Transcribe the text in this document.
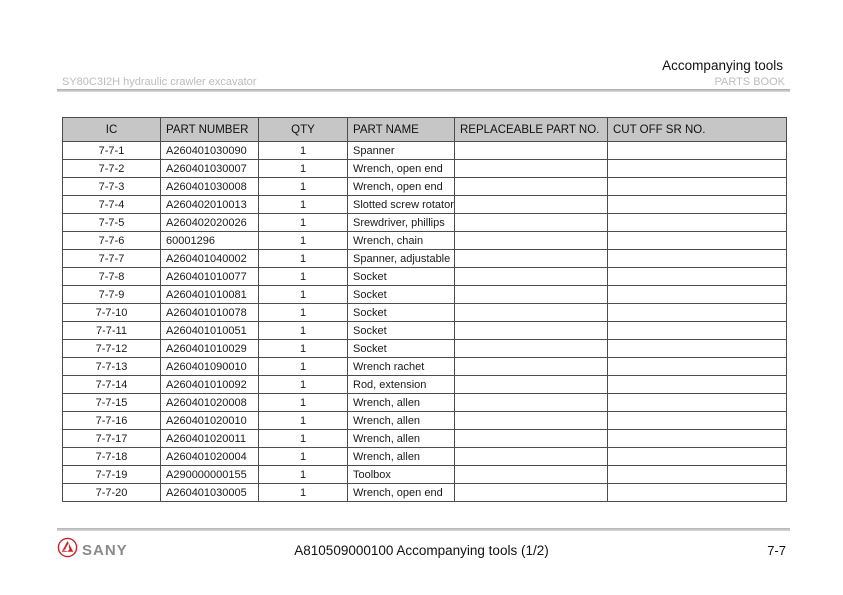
Accompanying tools
SY80C3I2H hydraulic crawler excavator	PARTS BOOK
IC	PART NUMBER	QTY	PART NAME	REPLACEABLE PART NO.	CUT OFF SR NO.
7-7-1	A260401030090	1	Spanner		
7-7-2	A260401030007	1	Wrench, open end		
7-7-3	A260401030008	1	Wrench, open end		
7-7-4	A260402010013	1	Slotted screw rotator		
7-7-5	A260402020026	1	Srewdriver, phillips		
7-7-6	60001296	1	Wrench, chain		
7-7-7	A260401040002	1	Spanner, adjustable		
7-7-8	A260401010077	1	Socket		
7-7-9	A260401010081	1	Socket		
7-7-10	A260401010078	1	Socket		
7-7-11	A260401010051	1	Socket		
7-7-12	A260401010029	1	Socket		
7-7-13	A260401090010	1	Wrench rachet		
7-7-14	A260401010092	1	Rod, extension		
7-7-15	A260401020008	1	Wrench, allen		
7-7-16	A260401020010	1	Wrench, allen		
7-7-17	A260401020011	1	Wrench, allen		
7-7-18	A260401020004	1	Wrench, allen		
7-7-19	A290000000155	1	Toolbox		
7-7-20	A260401030005	1	Wrench, open end		
SANY	A810509000100 Accompanying tools (1/2)	7-7
